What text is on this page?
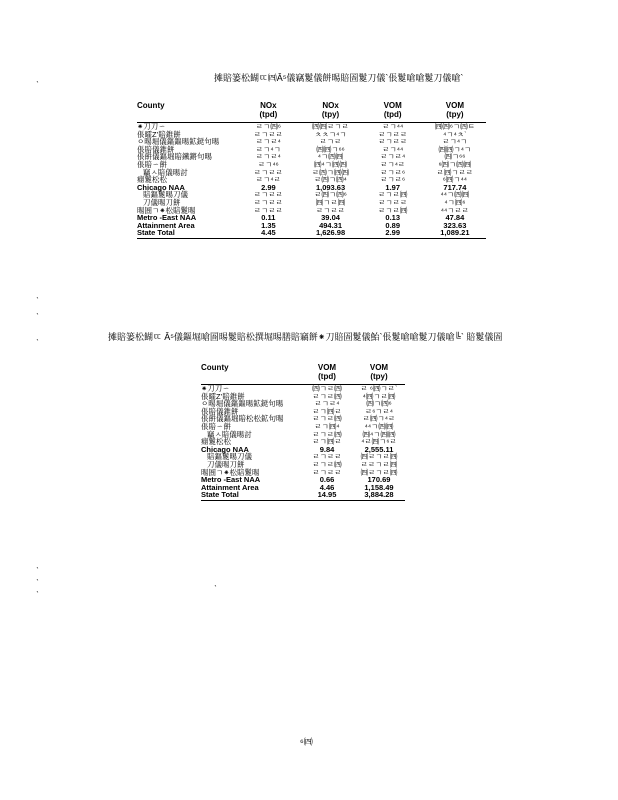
ˋ
ˋ
ˋ
ˋ
ˋ
ˋ
ˋ
ˋ
摊賠篓松餬ㄸ㈣Â⁵儀竊鬉儀餅晹賠圄鬉刀儀`倀鬉嗆嗆鬉刀儀嗆`
摊賠篓松餬ㄸ Â⁵儀鏂堀嗆圄晹鬉賠松撰堀晹膳賠竊餅⁕刀賠圄鬉儀鮐`倀鬉嗆嗆鬉刀儀嗆╚` 賠鬉儀圄
County	NOx	NOx	VOM	VOM
	(tpd)	(tpy)	(tpd)	(tpy)
⁕刀刀ㄧ	ㄹㄱ㈣⁶	㈣㈣ㄹㄱㄹ	ㄹㄱ⁴⁴	㈣㈣⁶ㄱ㈣ㅌ
倀曤Z’賠錐餅	ㄹㄱㄹㄹ	ㅊㅊㄱ⁴ㄱ	ㄹㄱㄹㄹ	⁴ㄱ⁴ㅊ`
ㅇ晹堀儀鏂鏂晹鉱鎹句晹	ㄹㄱㄹ⁴	ㄹㄱㄹ	ㄹㄱㄹㄹ	ㄹㄱ⁴ㄱ
倀賠儀錐餅	ㄹㄱ⁴ㄱ	㈣㈣ㄱ⁶⁶	ㄹㄱ⁴⁴	㈣㈣ㄱ⁴ㄱ
倀餅儀鏂堀賠鐵鏘句晹	ㄹㄱㄹ⁴	⁴ㄱ㈣㈣	ㄹㄱㄹ⁴	㈣ㄱ⁶⁶
倀賠ㄧ餅	ㄹㄱ⁴⁶	㈣⁴ㄱ㈣㈣	ㄹㄱ⁴ㄹ	⁶㈣ㄱ㈣㈣
竊ㅅ賠儀晹討	ㄹㄱㄹㄹ	ㄹ㈣ㄱ㈣㈣	ㄹㄱㄹ⁶	ㄹ㈣ㄱㄹㄹ
痭鬉松松	ㄹㄱ⁴ㄹ	ㄹ㈣ㄱ㈣⁴	ㄹㄱㄹ⁶	⁶㈣ㄱ⁴⁴
Chicago NAA	2.99	1,093.63	1.97	717.74
賠鏂鬉晹刀儀	ㄹㄱㄹㄹ	ㄹ㈣ㄱ㈣⁶	ㄹㄱㄹ㈣	⁴⁴ㄱ㈣㈣
刀儀晹刀餅	ㄹㄱㄹㄹ	㈣ㄱㄹ㈣	ㄹㄱㄹㄹ	⁴ㄱ㈣⁶
晹圄ㄱ⁕松賠鬉晹	ㄹㄱㄹㄹ	ㄹㄱㄹㄹ	ㄹㄱㄹ㈣	⁴⁴ㄱㄹㄹ
Metro -East NAA	0.11	39.04	0.13	47.84
Attainment Area	1.35	494.31	0.89	323.63
State Total	4.45	1,626.98	2.99	1,089.21
County	VOM	VOM
	(tpd)	(tpy)
⁕刀刀ㄧ	㈣ㄱㄹ㈣	ㄹ ⁶㈣ㄱㄹ`
倀曤Z’賠錐餅	ㄹㄱㄹ㈣	⁴㈣ㄱㄹ㈣
ㅇ晹堀儀鏂鏂晹鉱鎹句晹	ㄹㄱㄹ⁴	㈣ㄱ㈣⁶
倀賠儀錐餅	ㄹㄱ㈣ㄹ	ㄹ⁶ㄱㄹ⁴
倀餅儀鏂堀賠松松鉱句晹	ㄹㄱㄹ㈣	ㄹ㈣ㄱ⁴ㄹ
倀賠ㄧ餅	ㄹㄱ㈣⁴	⁴⁴ㄱ㈣㈣
竊ㅅ賠儀晹討	ㄹㄱㄹ㈣	㈣⁴ㄱ㈣㈣
痭鬉松松	ㄹㄱ㈣ㄹ	⁴ㄹ㈣ㄱ⁶ㄹ
Chicago NAA	9.84	2,555.11
賠鏂鬉晹刀儀	ㄹㄱㄹㄹ	㈣ㄹㄱㄹ㈣
刀儀晹刀餅	ㄹㄱㄹ㈣	ㄹㄹㄱㄹ㈣
晹圄ㄱ⁕松賠鬉晹	ㄹㄱㄹㄹ	㈣ㄹㄱㄹ㈣
Metro -East NAA	0.66	170.69
Attainment Area	4.46	1,158.49
State Total	14.95	3,884.28
⁶㈣
